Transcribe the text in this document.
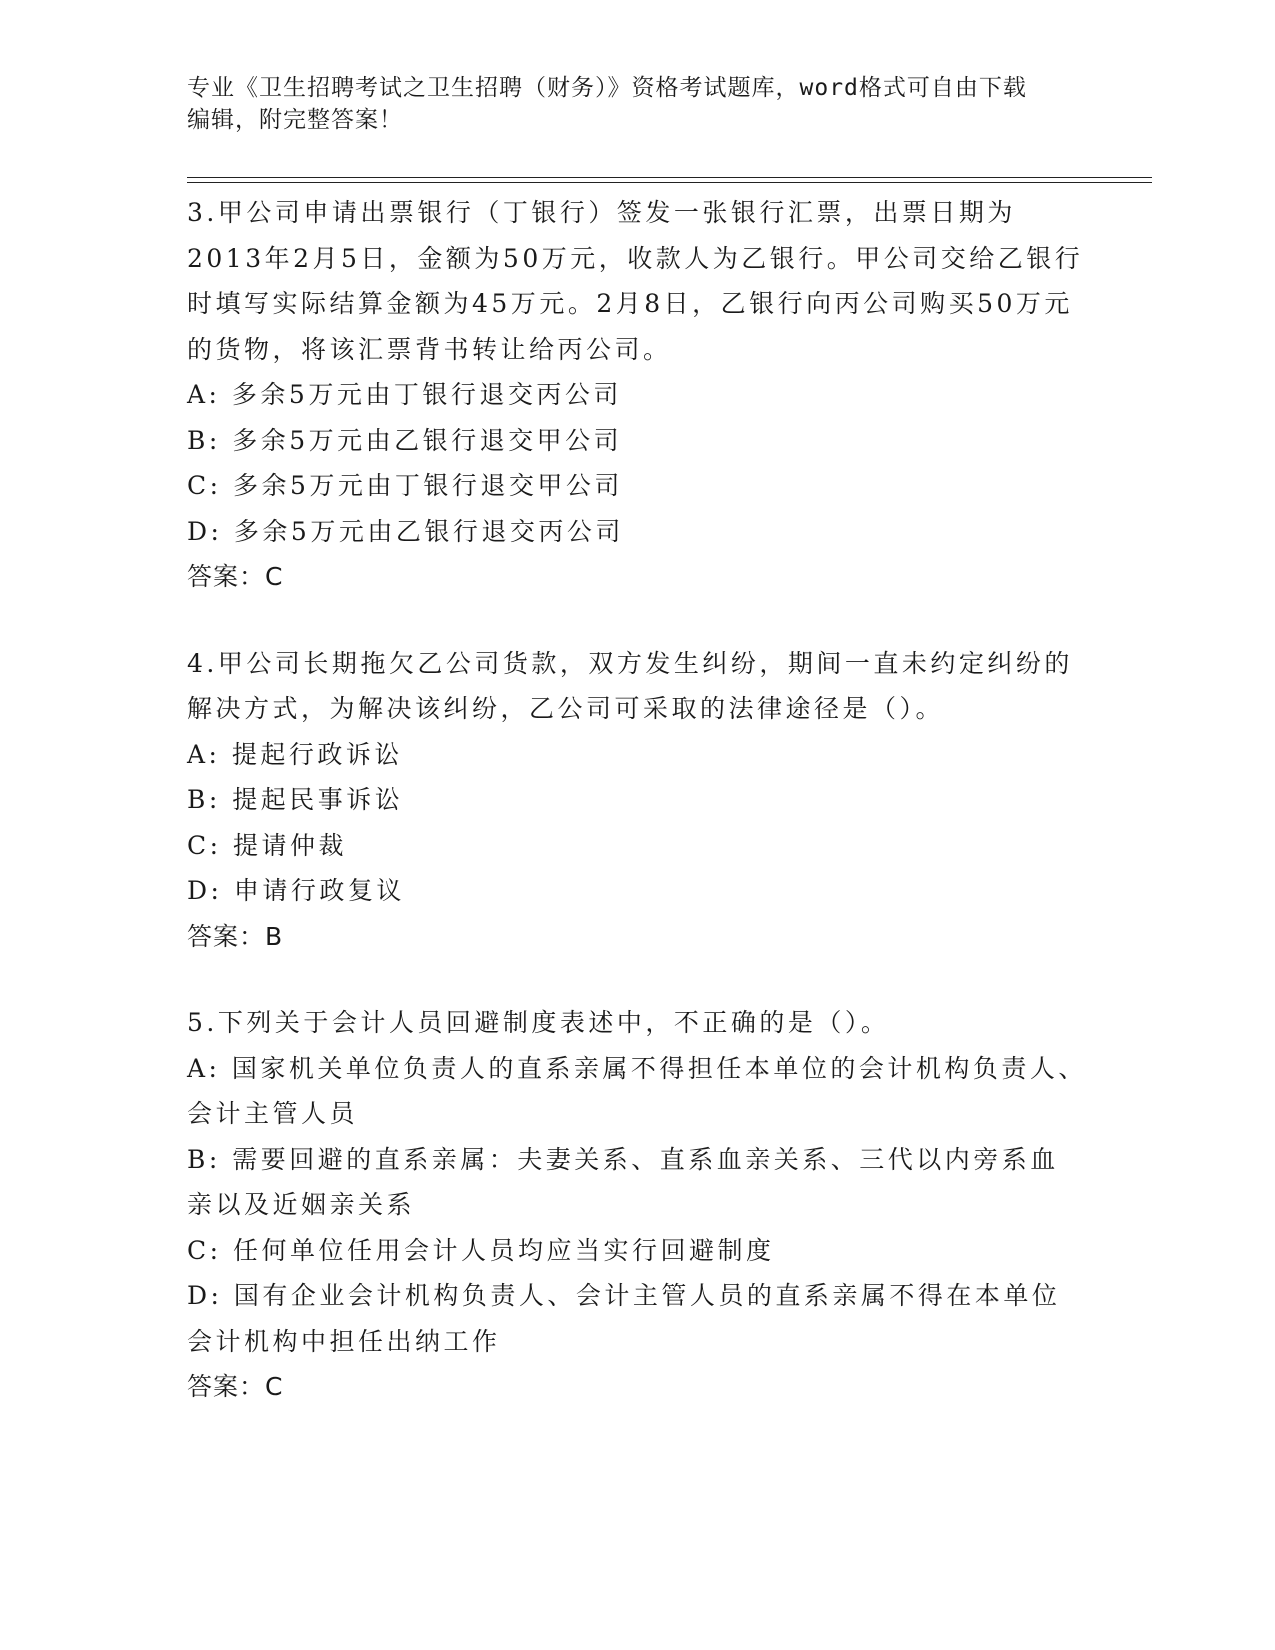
专业《卫生招聘考试之卫生招聘（财务）》资格考试题库，word格式可自由下载
编辑，附完整答案！

3.甲公司申请出票银行（丁银行）签发一张银行汇票，出票日期为2013年2月5日，金额为50万元，收款人为乙银行。甲公司交给乙银行时填写实际结算金额为45万元。2月8日，乙银行向丙公司购买50万元的货物，将该汇票背书转让给丙公司。

A: 多余5万元由丁银行退交丙公司

B: 多余5万元由乙银行退交甲公司

C: 多余5万元由丁银行退交甲公司

D: 多余5万元由乙银行退交丙公司

答案：C

4.甲公司长期拖欠乙公司货款，双方发生纠纷，期间一直未约定纠纷的解决方式，为解决该纠纷，乙公司可采取的法律途径是（）。

A: 提起行政诉讼

B: 提起民事诉讼

C: 提请仲裁

D: 申请行政复议

答案：B

5.下列关于会计人员回避制度表述中，不正确的是（）。

A: 国家机关单位负责人的直系亲属不得担任本单位的会计机构负责人、会计主管人员

B: 需要回避的直系亲属：夫妻关系、直系血亲关系、三代以内旁系血亲以及近姻亲关系

C: 任何单位任用会计人员均应当实行回避制度

D: 国有企业会计机构负责人、会计主管人员的直系亲属不得在本单位会计机构中担任出纳工作

答案：C
